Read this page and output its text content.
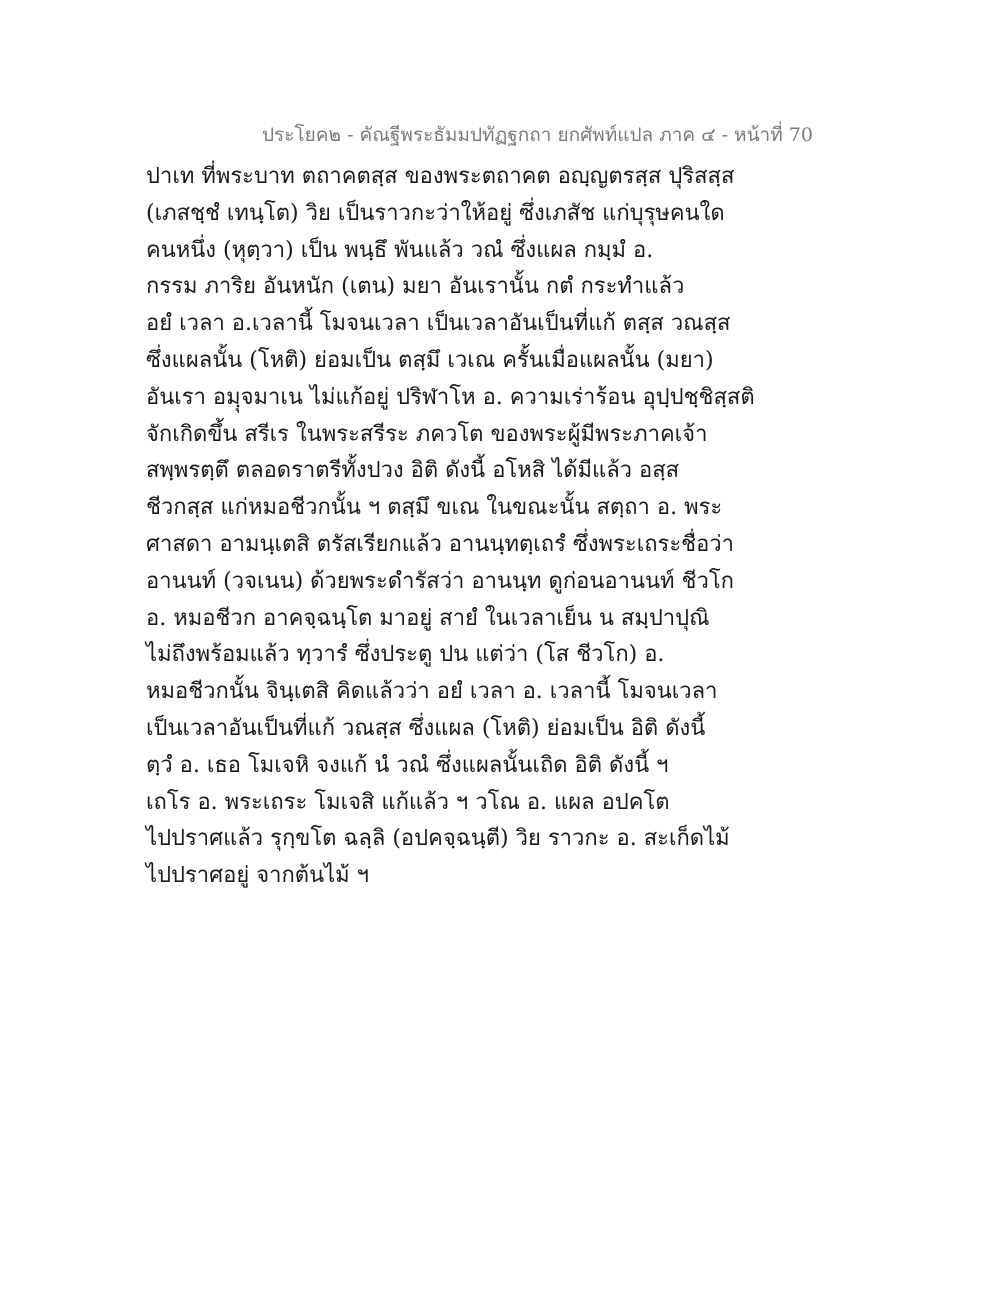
ประโยค๒ - คัณฐีพระธัมมปทัฏฐกถา ยกศัพท์แปล ภาค ๔ - หน้าที่ 70
ปาเท ที่พระบาท ตถาคตสฺส ของพระตถาคต อญฺญตรสฺส ปุริสสฺส
(เภสชฺชํ เทนฺโต) วิย เป็นราวกะว่าให้อยู่ ซึ่งเภสัช แก่บุรุษคนใด
คนหนึ่ง (หุตฺวา) เป็น พนฺธึ พันแล้ว วณํ ซึ่งแผล กมฺมํ อ.
กรรม ภาริย อันหนัก (เตน) มยา อันเรานั้น กตํ กระทำแล้ว
อยํ เวลา อ.เวลานี้ โมจนเวลา เป็นเวลาอันเป็นที่แก้ ตสฺส วณสฺส
ซึ่งแผลนั้น (โหติ) ย่อมเป็น ตสฺมึ เวเณ ครั้นเมื่อแผลนั้น (มยา)
อันเรา อมฺุจมาเน ไม่แก้อยู่ ปริฬาโห อ. ความเร่าร้อน อุปฺปชฺชิสฺสติ
จักเกิดขึ้น สรีเร ในพระสรีระ ภควโต ของพระผู้มีพระภาคเจ้า
สพฺพรตฺตึ ตลอดราตรีทั้งปวง อิติ ดังนี้ อโหสิ ได้มีแล้ว อสฺส
ชีวกสฺส แก่หมอชีวกนั้น ฯ ตสฺมึ ขเณ ในขณะนั้น สตฺถา อ. พระ
ศาสดา อามนฺเตสิ ตรัสเรียกแล้ว อานนฺทตฺเถรํ ซึ่งพระเถระชื่อว่า
อานนท์ (วจเนน) ด้วยพระดำรัสว่า อานนฺท ดูก่อนอานนท์ ชีวโก
อ. หมอชีวก อาคจฺฉนฺโต มาอยู่ สายํ ในเวลาเย็น น สมฺปาปุณิ
ไม่ถึงพร้อมแล้ว ทฺวารํ ซึ่งประตู ปน แต่ว่า (โส ชีวโก) อ.
หมอชีวกนั้น จินฺเตสิ คิดแล้วว่า อยํ เวลา อ. เวลานี้ โมจนเวลา
เป็นเวลาอันเป็นที่แก้ วณสฺส ซึ่งแผล (โหติ) ย่อมเป็น อิติ ดังนี้
ตฺวํ อ. เธอ โมเจหิ จงแก้ นํ วณํ ซึ่งแผลนั้นเถิด อิติ ดังนี้ ฯ
เถโร อ. พระเถระ โมเจสิ แก้แล้ว ฯ วโณ อ. แผล อปคโต
ไปปราศแล้ว รุกฺขโต ฉลฺลิ (อปคจฺฉนฺตี) วิย ราวกะ อ. สะเก็ดไม้
ไปปราศอยู่ จากต้นไม้ ฯ
